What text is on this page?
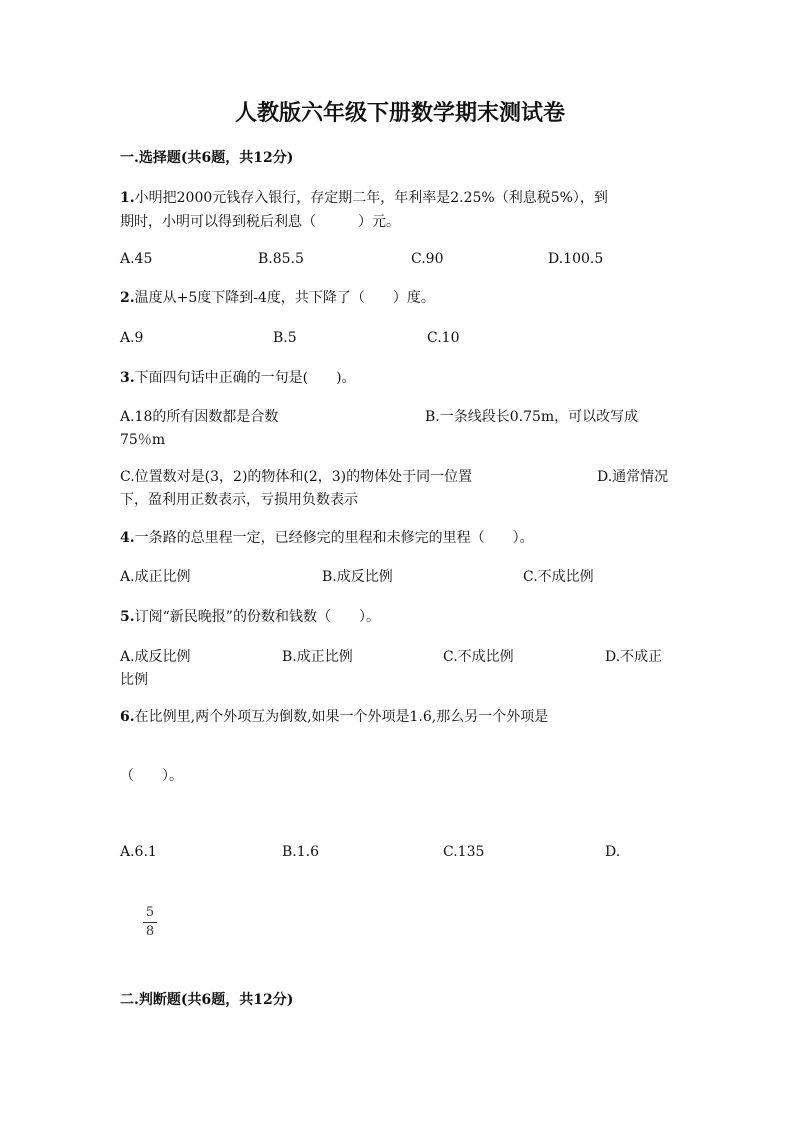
人教版六年级下册数学期末测试卷
一.选择题(共6题，共12分)
1.小明把2000元钱存入银行，存定期二年，年利率是2.25%（利息税5%），到
期时，小明可以得到税后利息（　　　）元。
A.45	B.85.5	C.90	D.100.5
2.温度从+5度下降到-4度，共下降了（　　）度。
A.9	B.5	C.10
3.下面四句话中正确的一句是(　　)。
A.18的所有因数都是合数	B.一条线段长0.75m，可以改写成
75％m
C.位置数对是(3，2)的物体和(2，3)的物体处于同一位置	D.通常情况
下，盈利用正数表示，亏损用负数表示
4.一条路的总里程一定，已经修完的里程和未修完的里程（　　）。
A.成正比例	B.成反比例	C.不成比例
5.订阅“新民晚报”的份数和钱数（　　）。
A.成反比例	B.成正比例	C.不成比例	D.不成正
比例
6.在比例里,两个外项互为倒数,如果一个外项是1.6,那么另一个外项是
（　　）。
A.6.1	B.1.6	C.135	D.
5
8
二.判断题(共6题，共12分)
